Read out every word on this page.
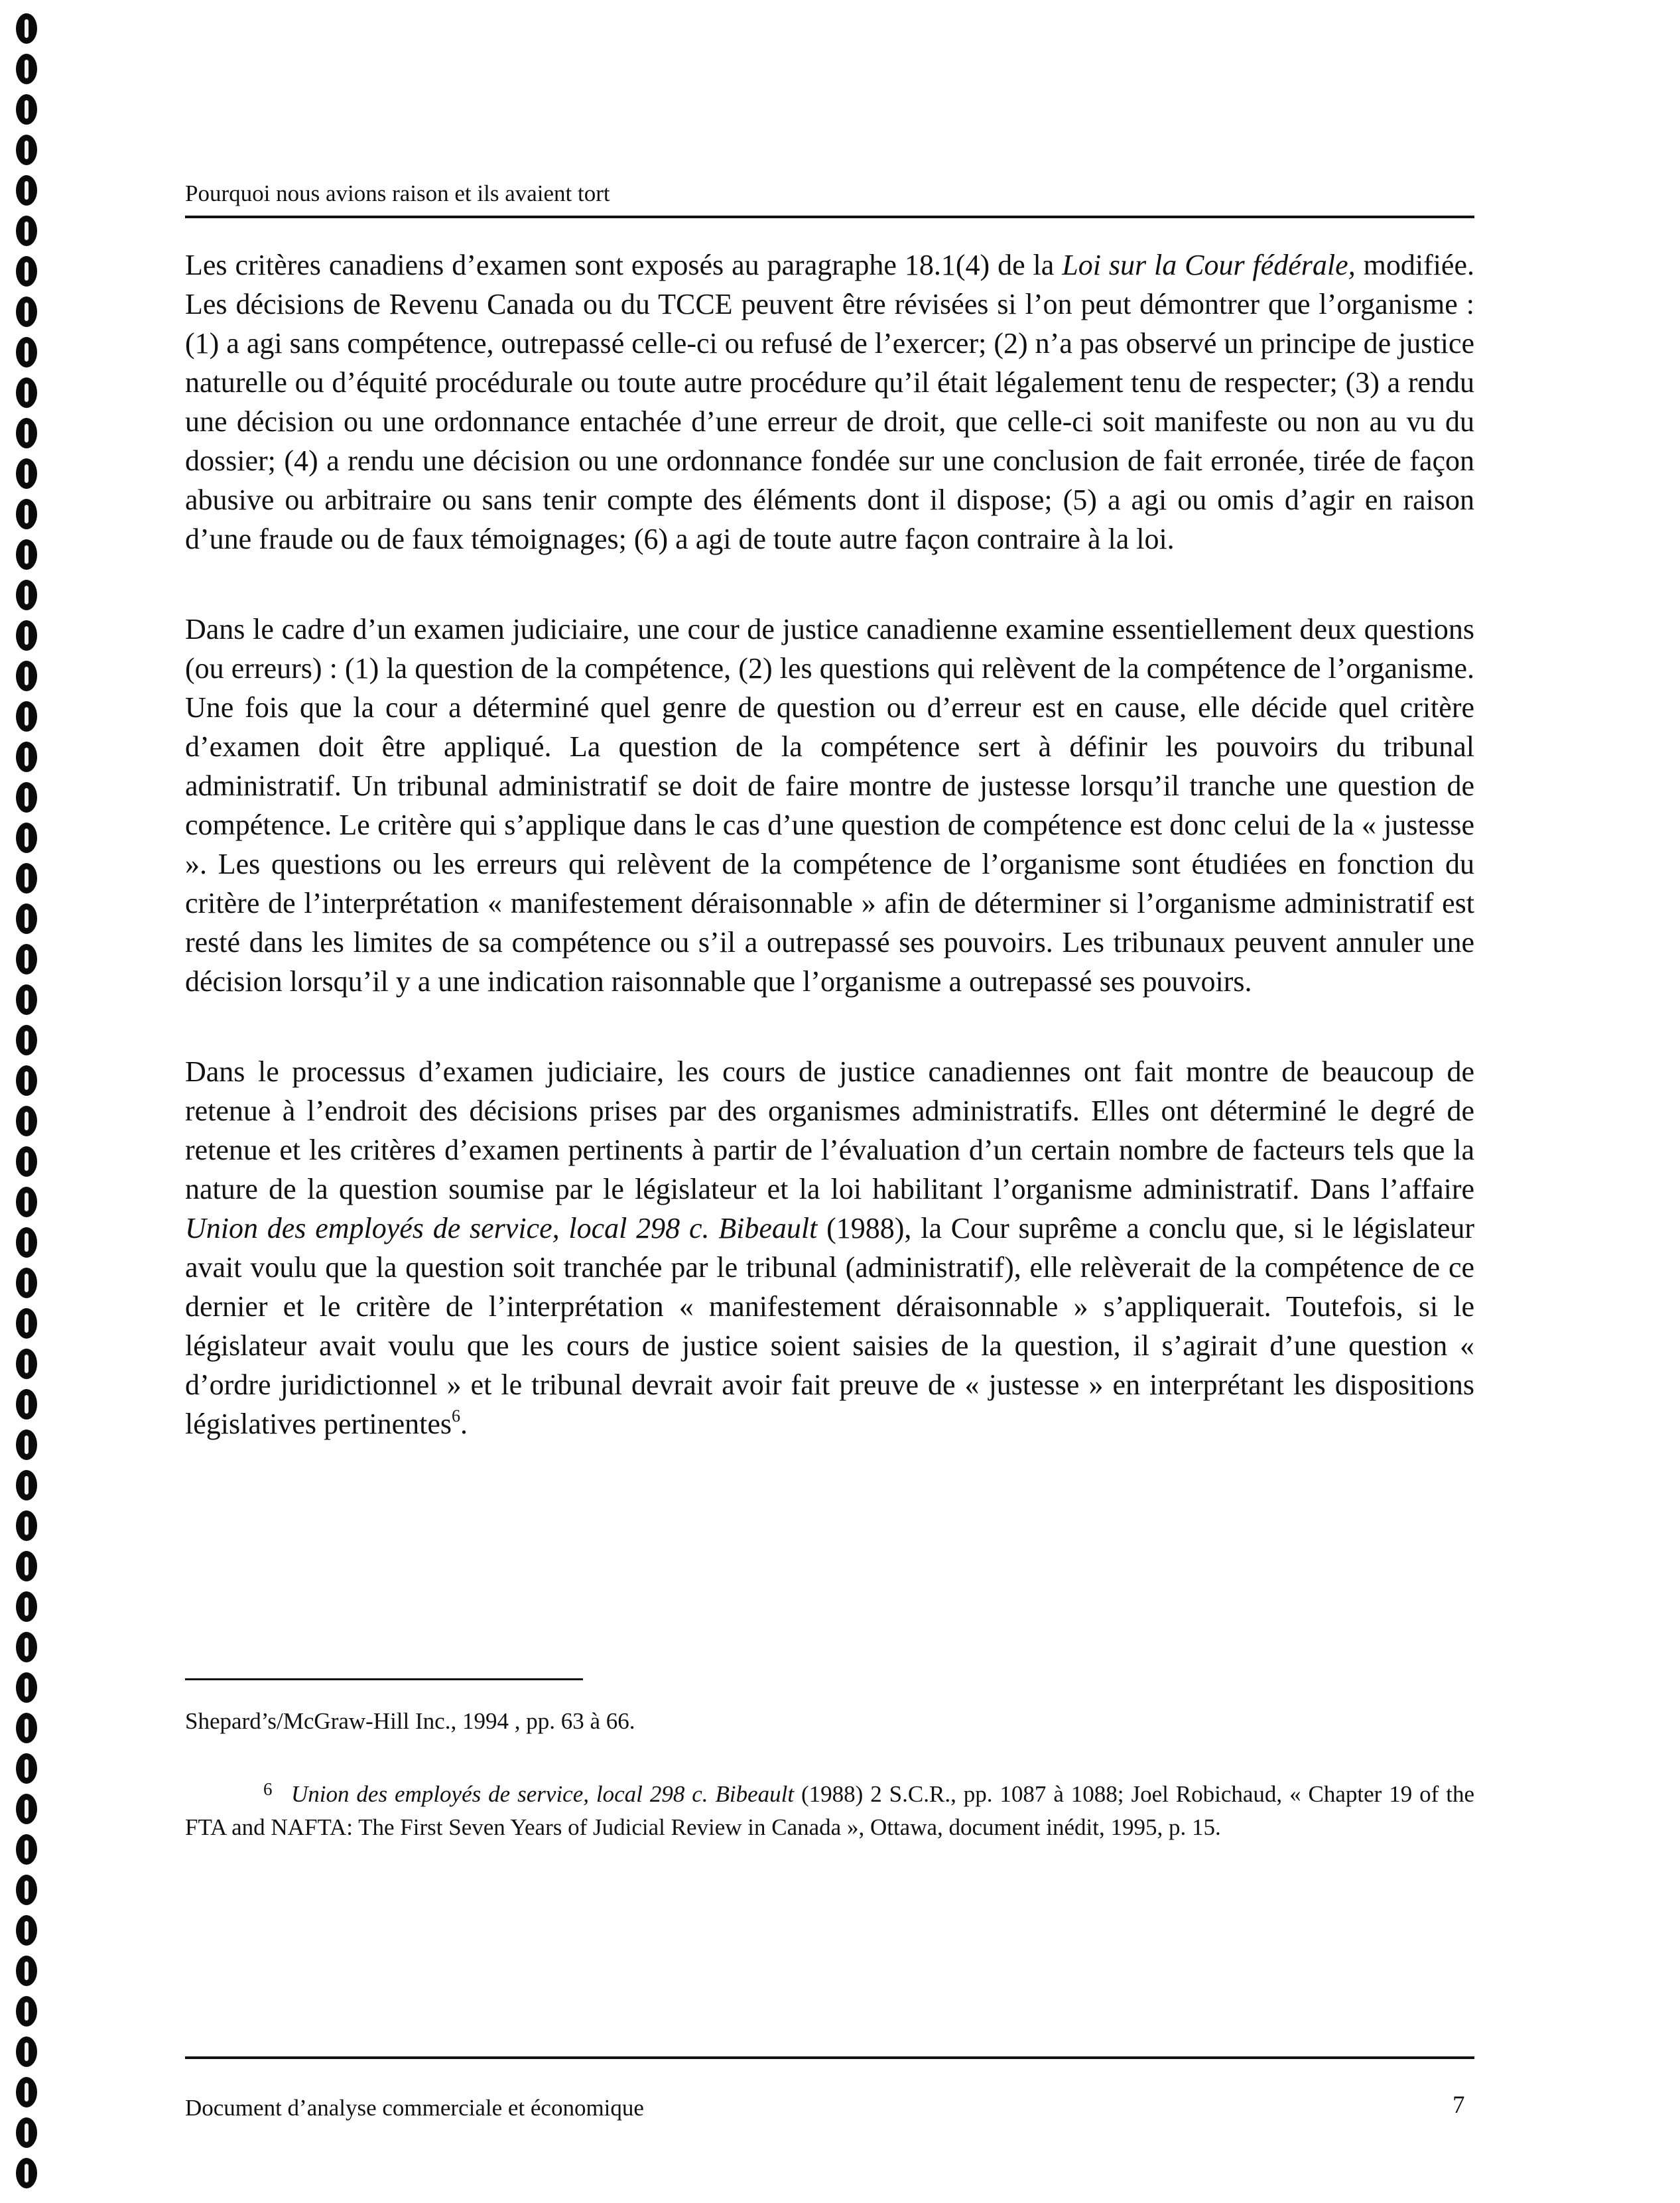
Pourquoi nous avions raison et ils avaient tort

Les critères canadiens d’examen sont exposés au paragraphe 18.1(4) de la Loi sur la Cour fédérale, modifiée. Les décisions de Revenu Canada ou du TCCE peuvent être révisées si l’on peut démontrer que l’organisme : (1) a agi sans compétence, outrepassé celle-ci ou refusé de l’exercer; (2) n’a pas observé un principe de justice naturelle ou d’équité procédurale ou toute autre procédure qu’il était légalement tenu de respecter; (3) a rendu une décision ou une ordonnance entachée d’une erreur de droit, que celle-ci soit manifeste ou non au vu du dossier; (4) a rendu une décision ou une ordonnance fondée sur une conclusion de fait erronée, tirée de façon abusive ou arbitraire ou sans tenir compte des éléments dont il dispose; (5) a agi ou omis d’agir en raison d’une fraude ou de faux témoignages; (6) a agi de toute autre façon contraire à la loi.

Dans le cadre d’un examen judiciaire, une cour de justice canadienne examine essentiellement deux questions (ou erreurs) : (1) la question de la compétence, (2) les questions qui relèvent de la compétence de l’organisme. Une fois que la cour a déterminé quel genre de question ou d’erreur est en cause, elle décide quel critère d’examen doit être appliqué. La question de la compétence sert à définir les pouvoirs du tribunal administratif. Un tribunal administratif se doit de faire montre de justesse lorsqu’il tranche une question de compétence. Le critère qui s’applique dans le cas d’une question de compétence est donc celui de la « justesse ». Les questions ou les erreurs qui relèvent de la compétence de l’organisme sont étudiées en fonction du critère de l’interprétation « manifestement déraisonnable » afin de déterminer si l’organisme administratif est resté dans les limites de sa compétence ou s’il a outrepassé ses pouvoirs. Les tribunaux peuvent annuler une décision lorsqu’il y a une indication raisonnable que l’organisme a outrepassé ses pouvoirs.

Dans le processus d’examen judiciaire, les cours de justice canadiennes ont fait montre de beaucoup de retenue à l’endroit des décisions prises par des organismes administratifs. Elles ont déterminé le degré de retenue et les critères d’examen pertinents à partir de l’évaluation d’un certain nombre de facteurs tels que la nature de la question soumise par le législateur et la loi habilitant l’organisme administratif. Dans l’affaire Union des employés de service, local 298 c. Bibeault (1988), la Cour suprême a conclu que, si le législateur avait voulu que la question soit tranchée par le tribunal (administratif), elle relèverait de la compétence de ce dernier et le critère de l’interprétation « manifestement déraisonnable » s’appliquerait. Toutefois, si le législateur avait voulu que les cours de justice soient saisies de la question, il s’agirait d’une question « d’ordre juridictionnel » et le tribunal devrait avoir fait preuve de « justesse » en interprétant les dispositions législatives pertinentes$^6$.

Shepard’s/McGraw-Hill Inc., 1994 , pp. 63 à 66.

6 Union des employés de service, local 298 c. Bibeault (1988) 2 S.C.R., pp. 1087 à 1088; Joel Robichaud, « Chapter 19 of the FTA and NAFTA: The First Seven Years of Judicial Review in Canada », Ottawa, document inédit, 1995, p. 15.

Document d’analyse commerciale et économique	7
